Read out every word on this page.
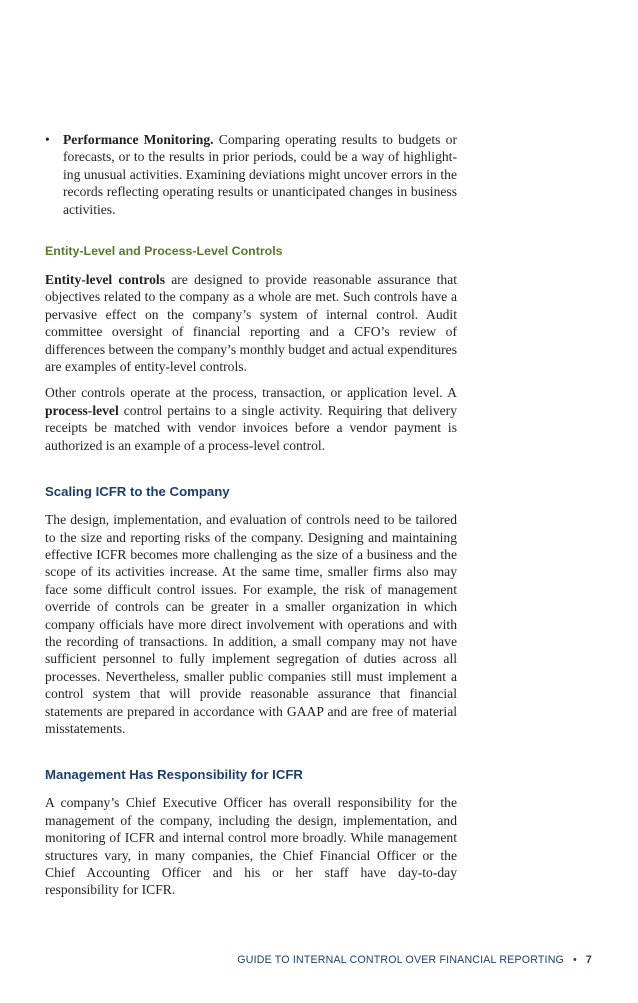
• Performance Monitoring. Comparing operating results to budgets or forecasts, or to the results in prior periods, could be a way of highlighting unusual activities. Examining deviations might uncover errors in the records reflecting operating results or unanticipated changes in business activities.
Entity-Level and Process-Level Controls

Entity-level controls are designed to provide reasonable assurance that objectives related to the company as a whole are met. Such controls have a pervasive effect on the company’s system of internal control. Audit committee oversight of financial reporting and a CFO’s review of differences between the company’s monthly budget and actual expenditures are examples of entity-level controls.

Other controls operate at the process, transaction, or application level. A process-level control pertains to a single activity. Requiring that delivery receipts be matched with vendor invoices before a vendor payment is authorized is an example of a process-level control.

Scaling ICFR to the Company

The design, implementation, and evaluation of controls need to be tailored to the size and reporting risks of the company. Designing and maintaining effective ICFR becomes more challenging as the size of a business and the scope of its activities increase. At the same time, smaller firms also may face some difficult control issues. For example, the risk of management override of controls can be greater in a smaller organization in which company officials have more direct involvement with operations and with the recording of transactions. In addition, a small company may not have sufficient personnel to fully implement segregation of duties across all processes. Nevertheless, smaller public companies still must implement a control system that will provide reasonable assurance that financial statements are prepared in accordance with GAAP and are free of material misstatements.

Management Has Responsibility for ICFR

A company’s Chief Executive Officer has overall responsibility for the management of the company, including the design, implementation, and monitoring of ICFR and internal control more broadly. While management structures vary, in many companies, the Chief Financial Officer or the Chief Accounting Officer and his or her staff have day-to-day responsibility for ICFR.

GUIDE TO INTERNAL CONTROL OVER FINANCIAL REPORTING • 7
